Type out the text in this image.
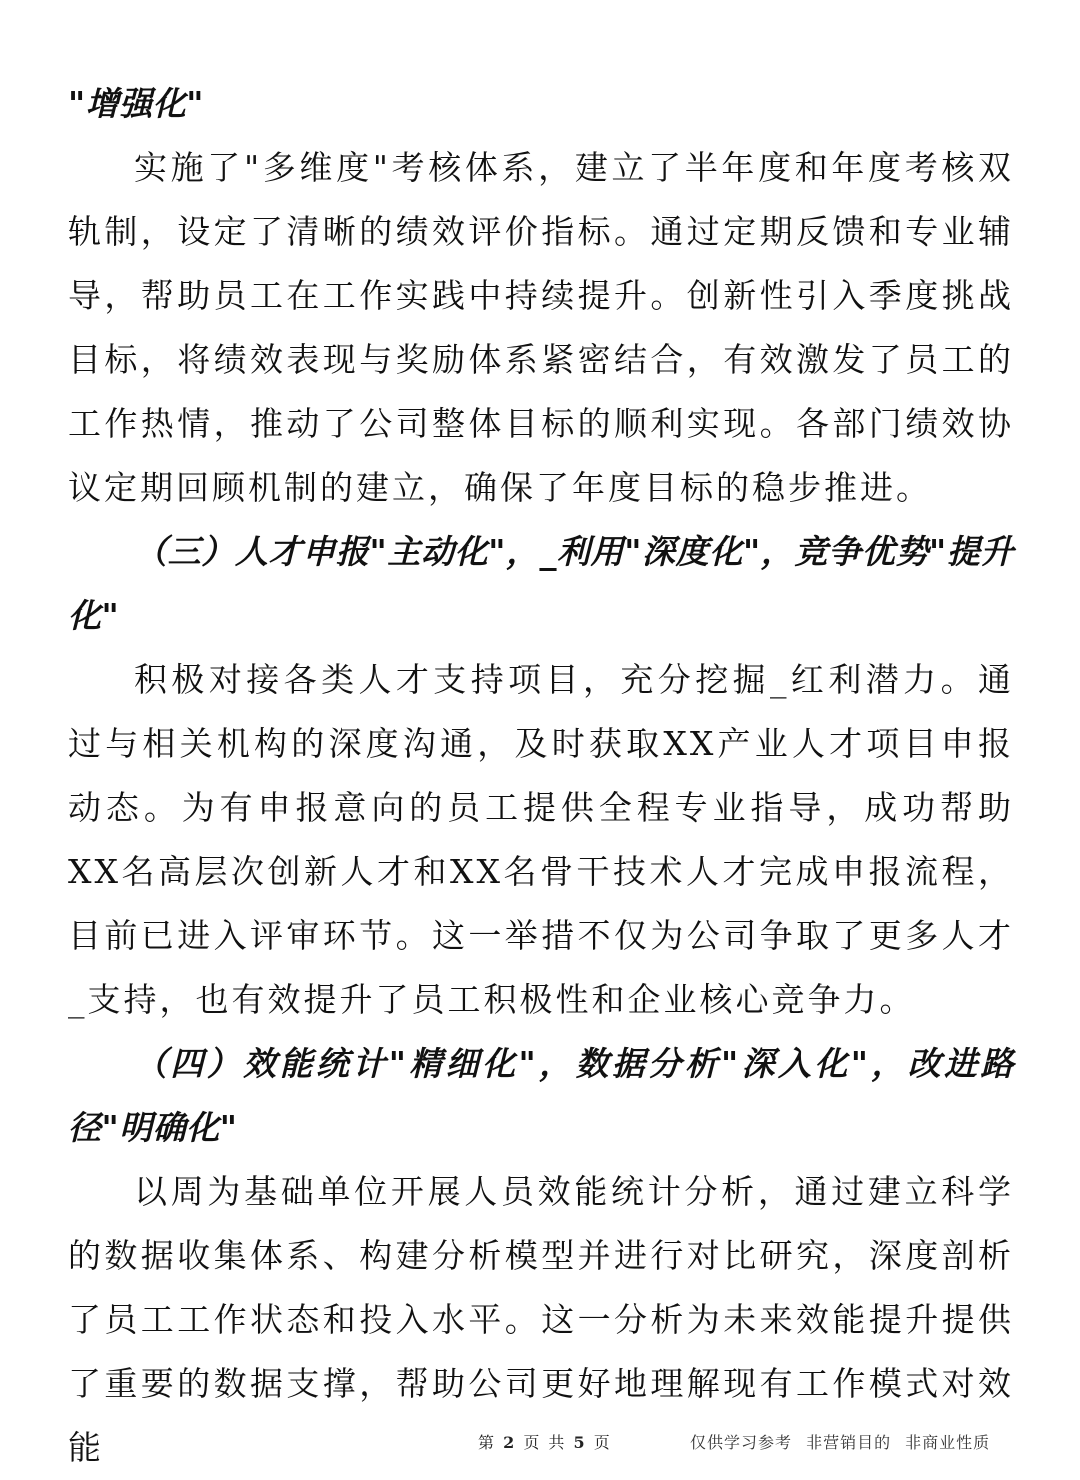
"增强化"

实施了"多维度"考核体系，建立了半年度和年度考核双轨制，设定了清晰的绩效评价指标。通过定期反馈和专业辅导，帮助员工在工作实践中持续提升。创新性引入季度挑战目标，将绩效表现与奖励体系紧密结合，有效激发了员工的工作热情，推动了公司整体目标的顺利实现。各部门绩效协议定期回顾机制的建立，确保了年度目标的稳步推进。

（三）人才申报"主动化"，_利用"深度化"，竞争优势"提升化"

积极对接各类人才支持项目，充分挖掘_红利潜力。通过与相关机构的深度沟通，及时获取XX产业人才项目申报动态。为有申报意向的员工提供全程专业指导，成功帮助XX名高层次创新人才和XX名骨干技术人才完成申报流程，目前已进入评审环节。这一举措不仅为公司争取了更多人才_支持，也有效提升了员工积极性和企业核心竞争力。

（四）效能统计"精细化"，数据分析"深入化"，改进路径"明确化"

以周为基础单位开展人员效能统计分析，通过建立科学的数据收集体系、构建分析模型并进行对比研究，深度剖析了员工工作状态和投入水平。这一分析为未来效能提升提供了重要的数据支撑，帮助公司更好地理解现有工作模式对效能	第 2 页 共 5 页	仅供学习参考 非营销目的 非商业性质
